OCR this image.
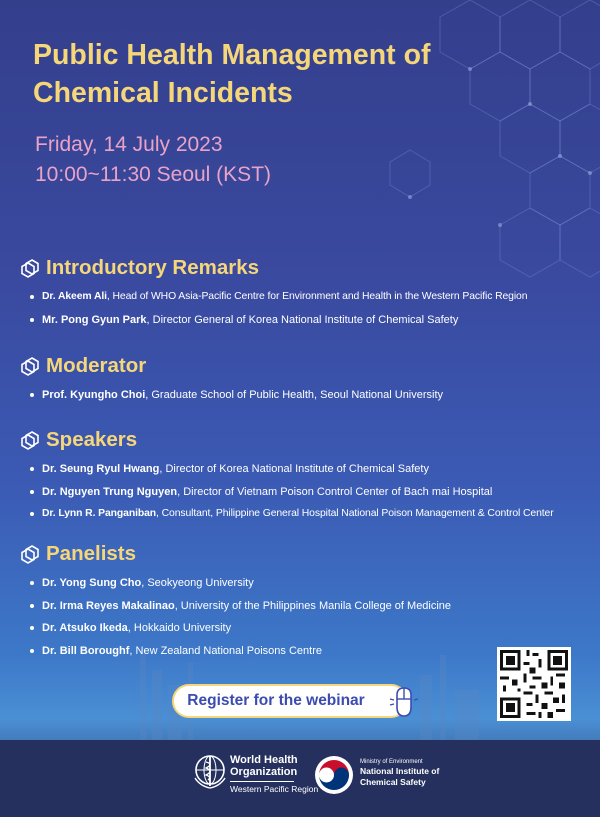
Public Health Management of
Chemical Incidents
Friday, 14 July 2023
10:00~11:30 Seoul (KST)
Introductory Remarks
Dr. Akeem Ali, Head of WHO Asia-Pacific Centre for Environment and Health in the Western Pacific Region
Mr. Pong Gyun Park, Director General of Korea National Institute of Chemical Safety
Moderator
Prof. Kyungho Choi, Graduate School of Public Health, Seoul National University
Speakers
Dr. Seung Ryul Hwang, Director of Korea National Institute of Chemical Safety
Dr. Nguyen Trung Nguyen, Director of Vietnam Poison Control Center of Bach mai Hospital
Dr. Lynn R. Panganiban, Consultant, Philippine General Hospital National Poison Management & Control Center
Panelists
Dr. Yong Sung Cho, Seokyeong University
Dr. Irma Reyes Makalinao, University of the Philippines Manila College of Medicine
Dr. Atsuko Ikeda, Hokkaido University
Dr. Bill Boroughf, New Zealand National Poisons Centre
Register for the webinar
World Health
Organization
Western Pacific Region
Ministry of Environment
National Institute of
Chemical Safety
